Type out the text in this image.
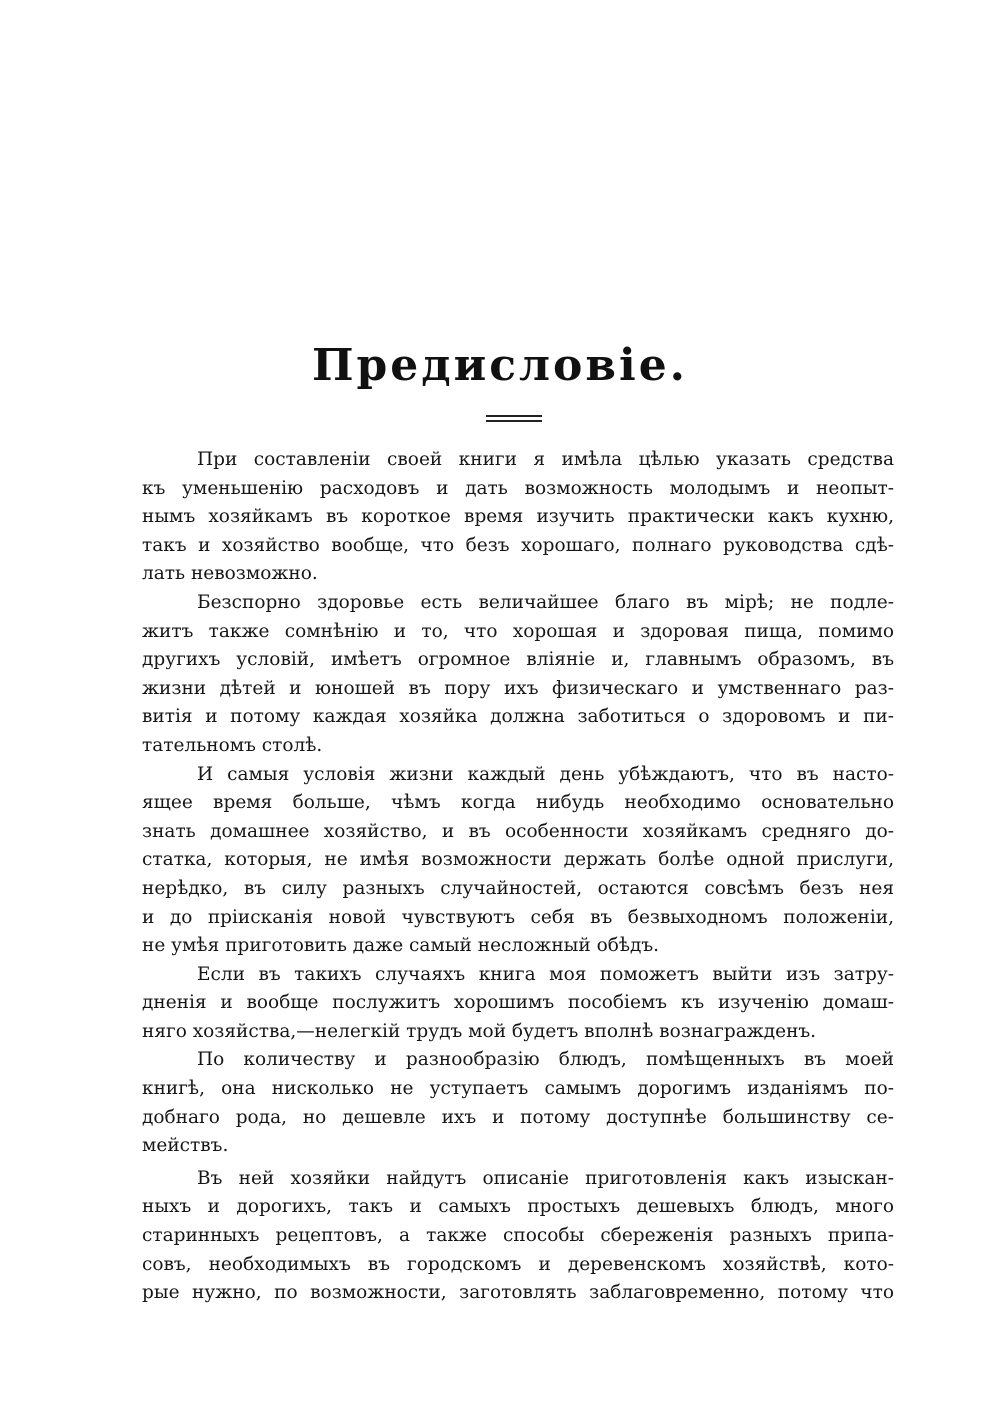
Предисловіе.
При составленіи своей книги я имѣла цѣлью указать средства
къ уменьшенію расходовъ и дать возможность молодымъ и неопыт-
нымъ хозяйкамъ въ короткое время изучить практически какъ кухню,
такъ и хозяйство вообще, что безъ хорошаго, полнаго руководства сдѣ-
лать невозможно.
Безспорно здоровье есть величайшее благо въ мірѣ; не подле-
житъ также сомнѣнію и то, что хорошая и здоровая пища, помимо
другихъ условій, имѣетъ огромное вліяніе и, главнымъ образомъ, въ
жизни дѣтей и юношей въ пору ихъ физическаго и умственнаго раз-
витія и потому каждая хозяйка должна заботиться о здоровомъ и пи-
тательномъ столѣ.
И самыя условія жизни каждый день убѣждаютъ, что въ насто-
ящее время больше, чѣмъ когда нибудь необходимо основательно
знать домашнее хозяйство, и въ особенности хозяйкамъ средняго до-
статка, которыя, не имѣя возможности держать болѣе одной прислуги,
нерѣдко, въ силу разныхъ случайностей, остаются совсѣмъ безъ нея
и до пріисканія новой чувствуютъ себя въ безвыходномъ положеніи,
не умѣя приготовить даже самый несложный обѣдъ.
Если въ такихъ случаяхъ книга моя поможетъ выйти изъ затру-
дненія и вообще послужитъ хорошимъ пособіемъ къ изученію домаш-
няго хозяйства,—нелегкій трудъ мой будетъ вполнѣ вознагражденъ.
По количеству и разнообразію блюдъ, помѣщенныхъ въ моей
книгѣ, она нисколько не уступаетъ самымъ дорогимъ изданіямъ по-
добнаго рода, но дешевле ихъ и потому доступнѣе большинству се-
мействъ.
Въ ней хозяйки найдутъ описаніе приготовленія какъ изыскан-
ныхъ и дорогихъ, такъ и самыхъ простыхъ дешевыхъ блюдъ, много
старинныхъ рецептовъ, а также способы сбереженія разныхъ припа-
совъ, необходимыхъ въ городскомъ и деревенскомъ хозяйствѣ, кото-
рые нужно, по возможности, заготовлять заблаговременно, потому что
